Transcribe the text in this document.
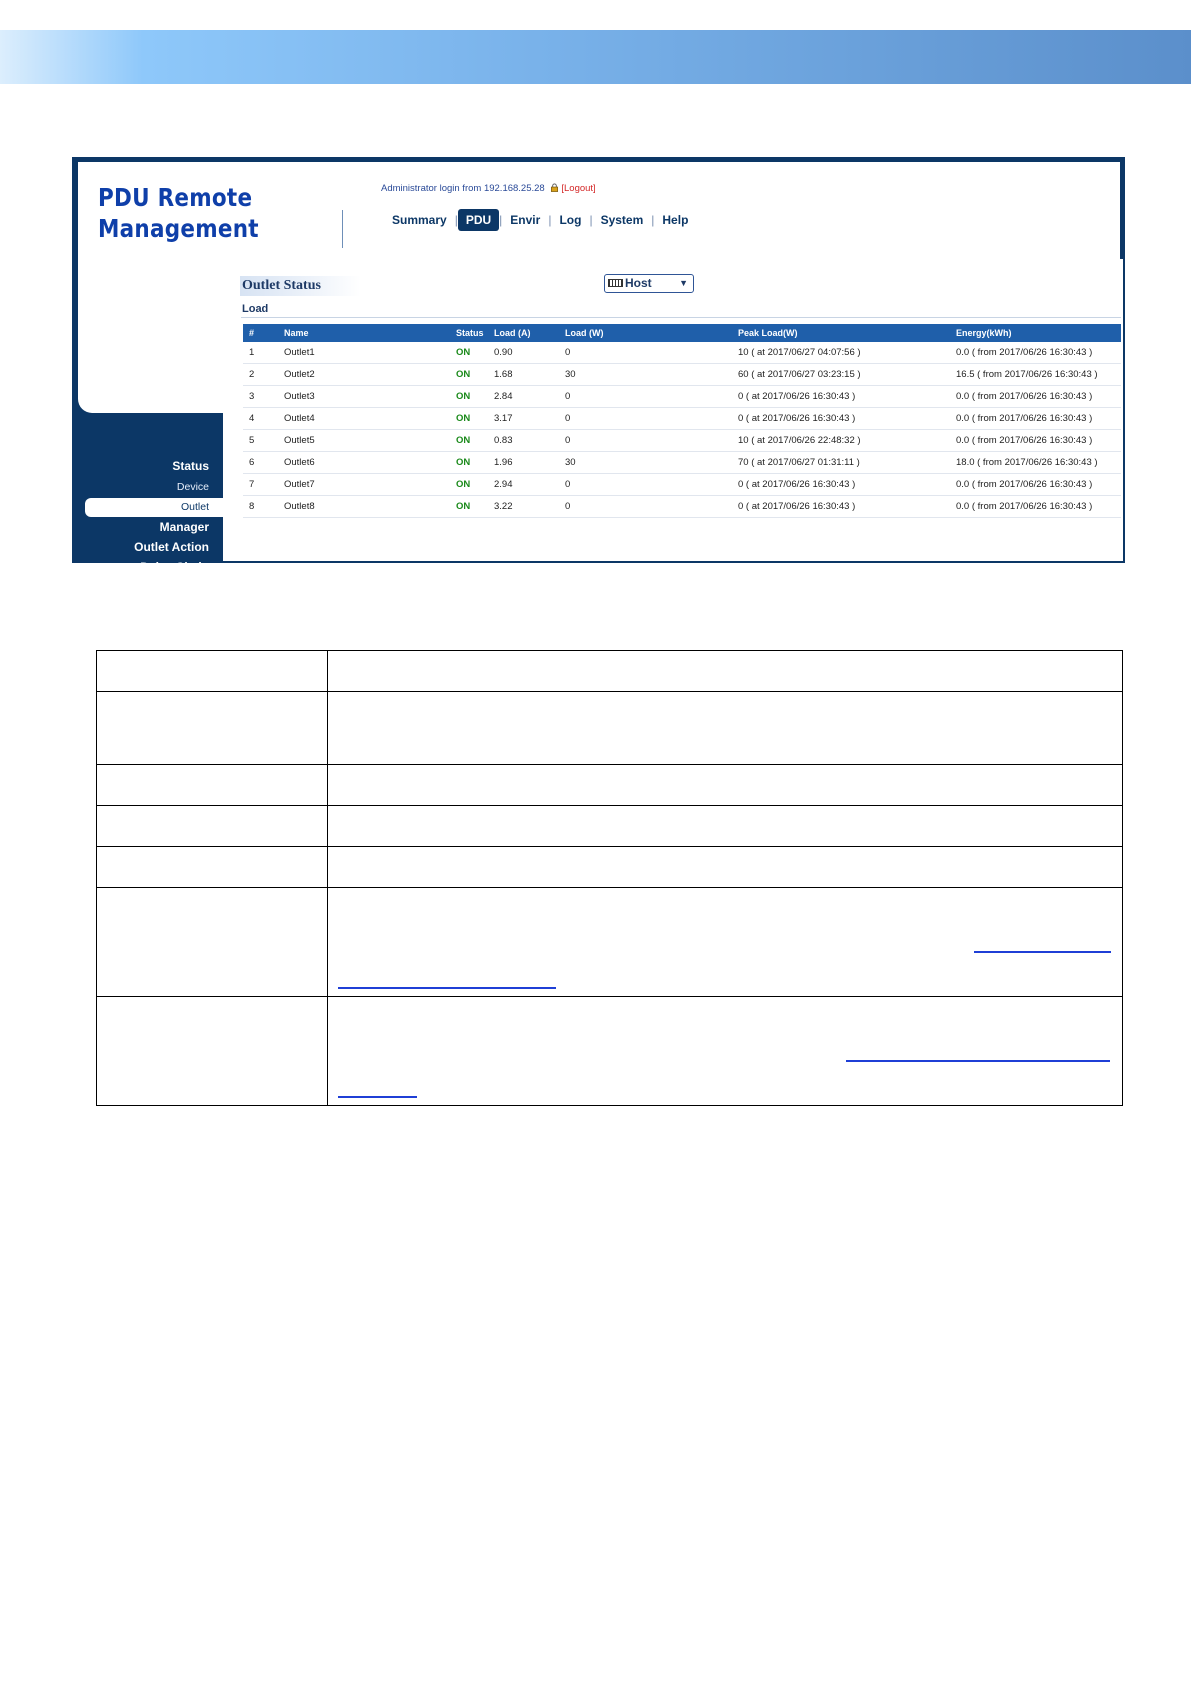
PDU Remote
Management
Administrator login from 192.168.25.28 [Logout]
Summary | PDU | Envir | Log | System | Help
Status
Device
Outlet
Manager
Outlet Action
Daisy Chain
Wake on Lan
EnergyWise
PowerPanel® List
Outlet Status	Host	▼
Load
#	Name	Status	Load (A)	Load (W)	Peak Load(W)	Energy(kWh)
1	Outlet1	ON	0.90	0	10 ( at 2017/06/27 04:07:56 )	0.0 ( from 2017/06/26 16:30:43 )
2	Outlet2	ON	1.68	30	60 ( at 2017/06/27 03:23:15 )	16.5 ( from 2017/06/26 16:30:43 )
3	Outlet3	ON	2.84	0	0 ( at 2017/06/26 16:30:43 )	0.0 ( from 2017/06/26 16:30:43 )
4	Outlet4	ON	3.17	0	0 ( at 2017/06/26 16:30:43 )	0.0 ( from 2017/06/26 16:30:43 )
5	Outlet5	ON	0.83	0	10 ( at 2017/06/26 22:48:32 )	0.0 ( from 2017/06/26 16:30:43 )
6	Outlet6	ON	1.96	30	70 ( at 2017/06/27 01:31:11 )	18.0 ( from 2017/06/26 16:30:43 )
7	Outlet7	ON	2.94	0	0 ( at 2017/06/26 16:30:43 )	0.0 ( from 2017/06/26 16:30:43 )
8	Outlet8	ON	3.22	0	0 ( at 2017/06/26 16:30:43 )	0.0 ( from 2017/06/26 16:30:43 )
